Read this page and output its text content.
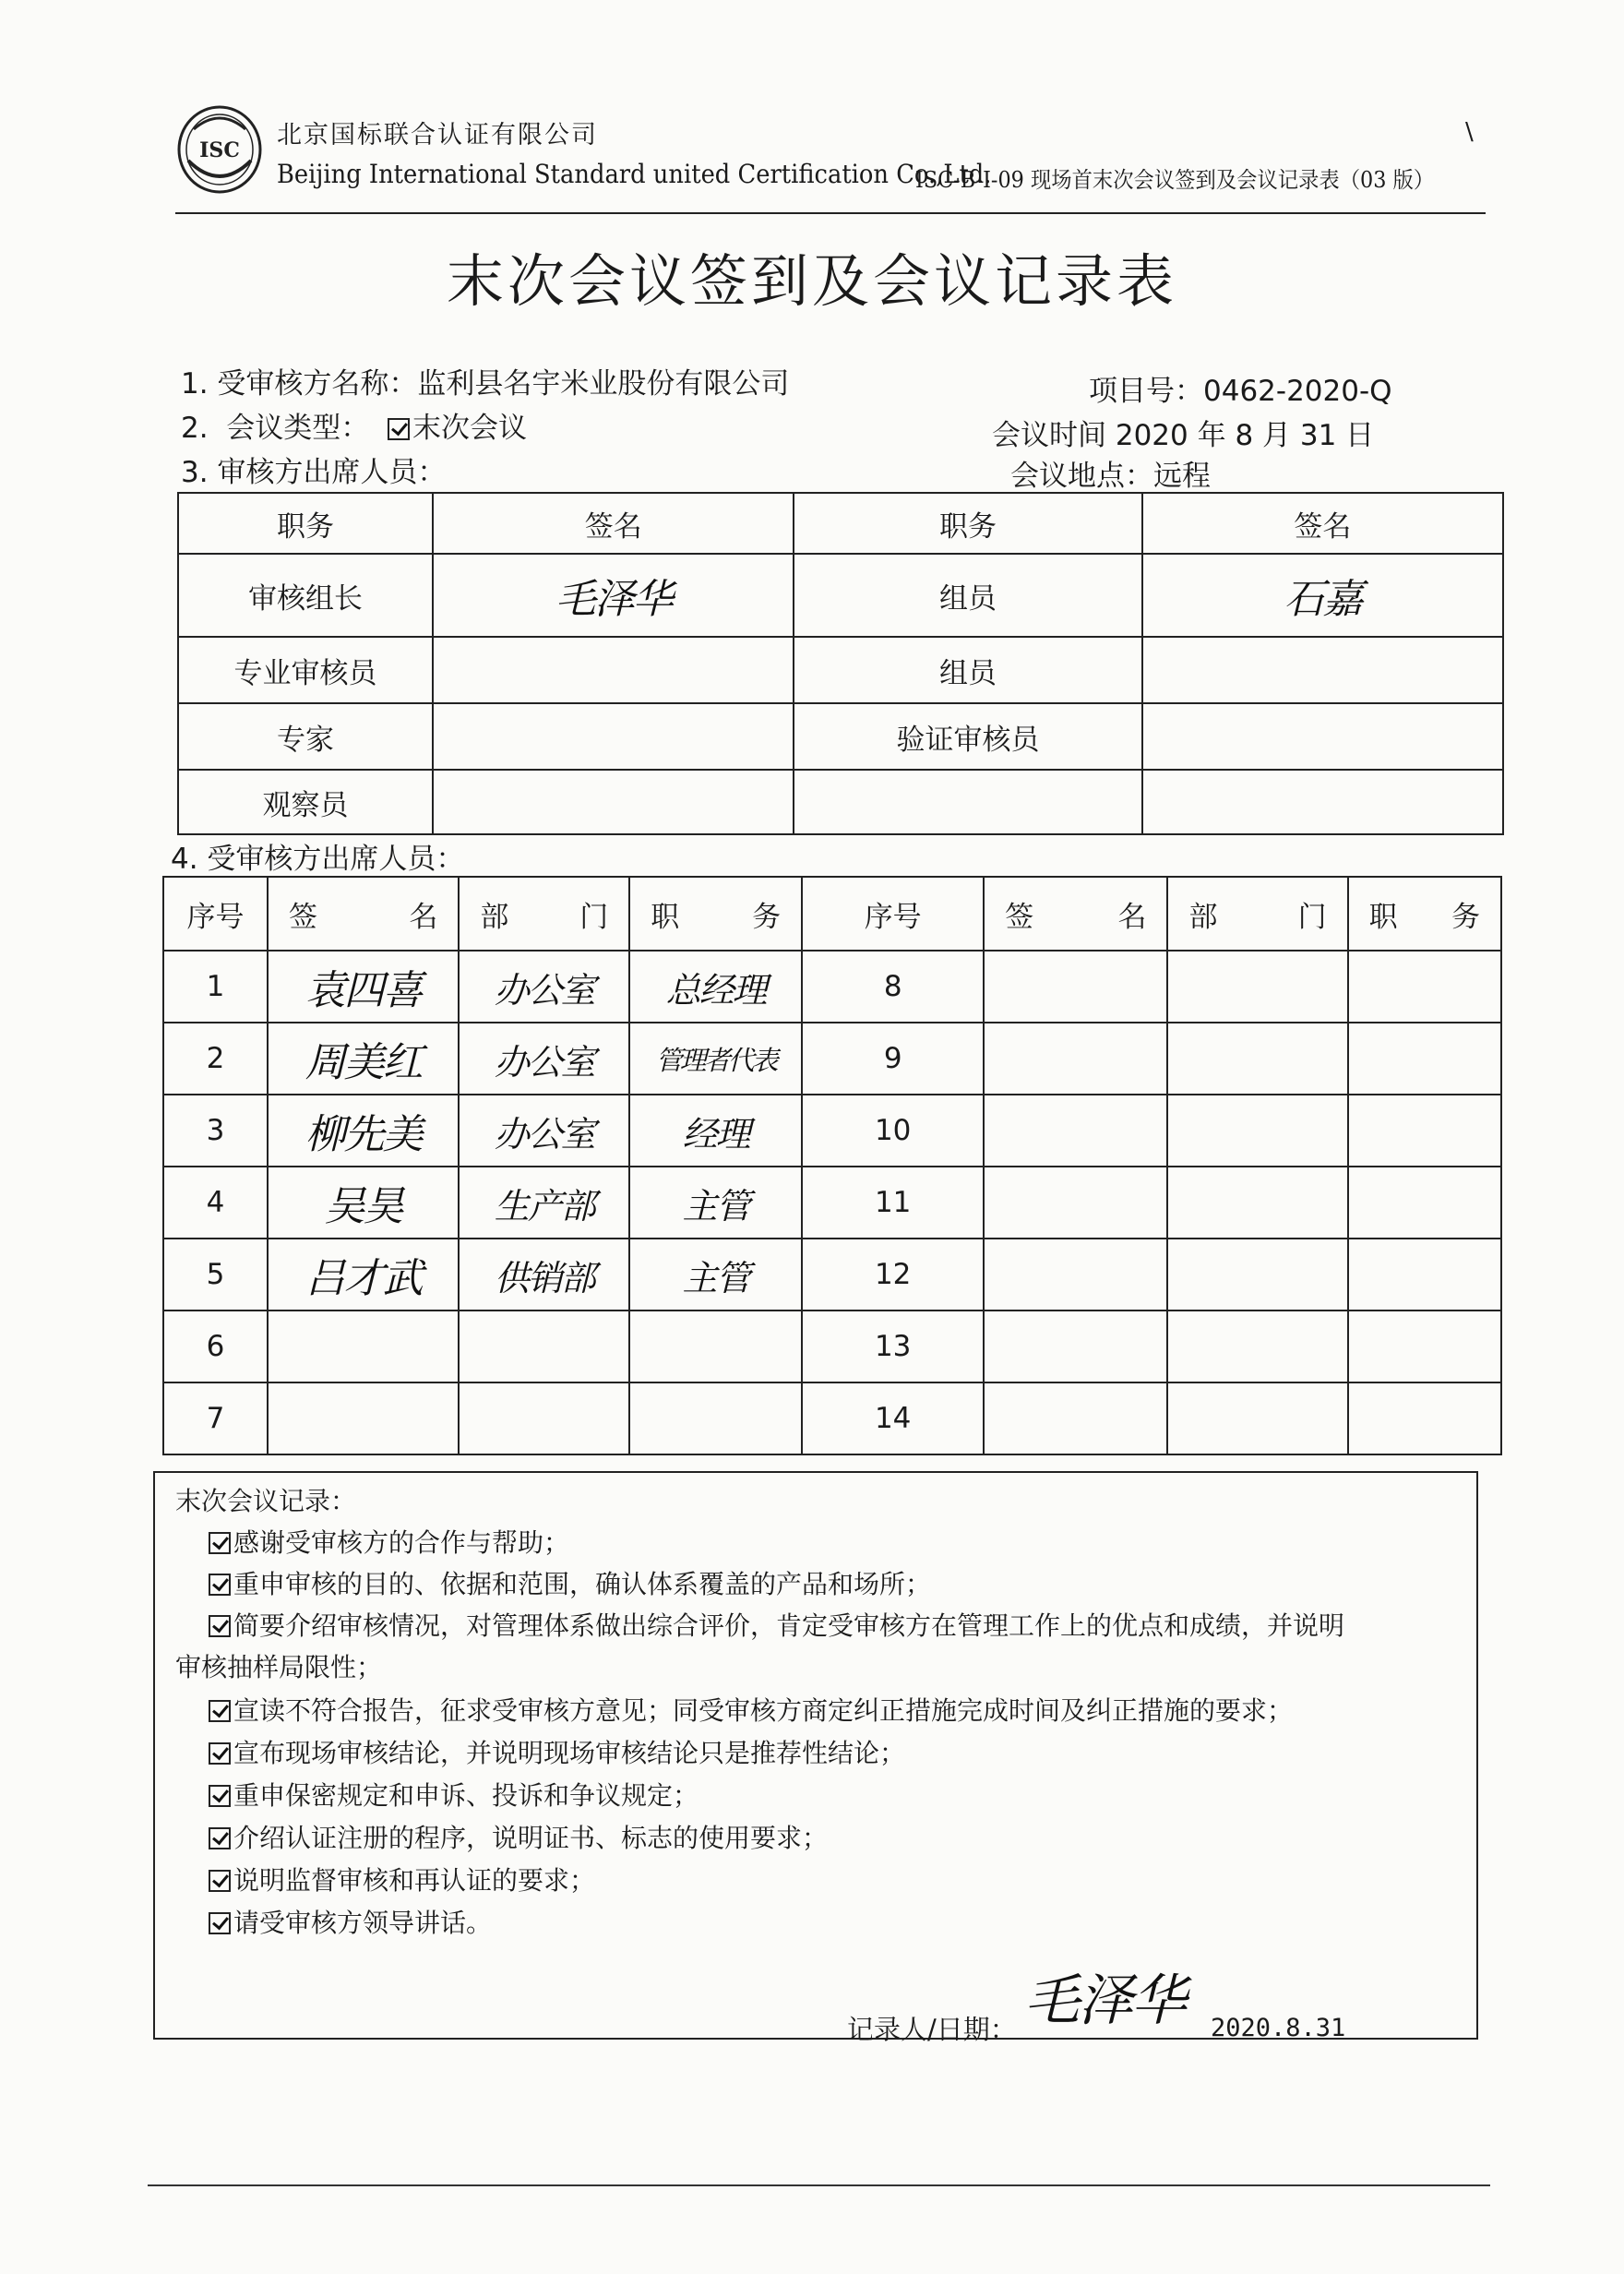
ISC
北京国标联合认证有限公司
Beijing International Standard united Certification Co.,Ltd.
ISC-B-I-09 现场首末次会议签到及会议记录表（03 版）
\
末次会议签到及会议记录表
1. 受审核方名称：监利县名宇米业股份有限公司	项目号：0462-2020-Q
2.  会议类型：  末次会议	会议时间 2020 年 8 月 31 日
3. 审核方出席人员：	会议地点：远程
职务	签名	职务	签名
审核组长	毛泽华	组员	石嘉
专业审核员		组员	
专家		验证审核员	
观察员			
4. 受审核方出席人员：
序号	签 名	部 门	职 务	序号	签 名	部 门	职 务

1	袁四喜	办公室	总经理	8			
2	周美红	办公室	管理者代表	9			
3	柳先美	办公室	经理	10			
4	吴昊	生产部	主管	11			
5	吕才武	供销部	主管	12			
6				13			
7				14			
末次会议记录：
感谢受审核方的合作与帮助；
重申审核的目的、依据和范围，确认体系覆盖的产品和场所；
简要介绍审核情况，对管理体系做出综合评价，肯定受审核方在管理工作上的优点和成绩，并说明
审核抽样局限性；
宣读不符合报告，征求受审核方意见；同受审核方商定纠正措施完成时间及纠正措施的要求；
宣布现场审核结论，并说明现场审核结论只是推荐性结论；
重申保密规定和申诉、投诉和争议规定；
介绍认证注册的程序，说明证书、标志的使用要求；
说明监督审核和再认证的要求；
请受审核方领导讲话。
记录人/日期： 毛泽华 2020.8.31
